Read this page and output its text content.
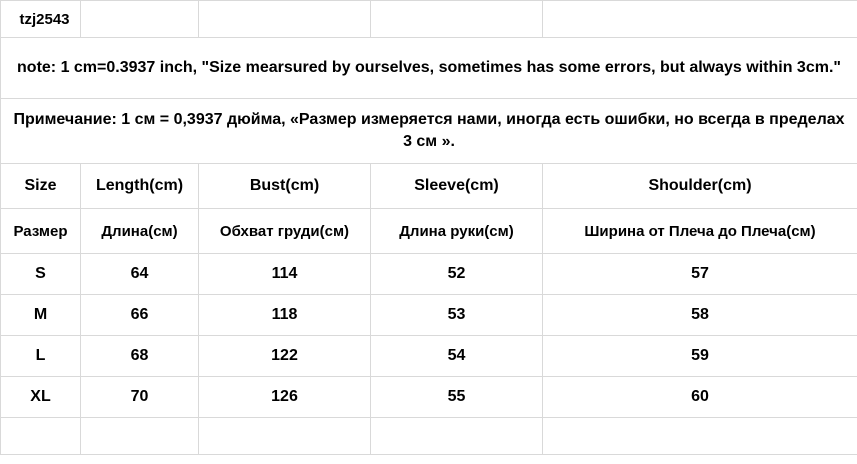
tzj2543				
note: 1 cm=0.3937 inch, "Size mearsured by ourselves, sometimes has some errors, but always within 3cm."				
Примечание: 1 см = 0,3937 дюйма, «Размер измеряется нами, иногда есть ошибки, но всегда в пределах 3 см ».				
Size	Length(cm)	Bust(cm)	Sleeve(cm)	Shoulder(cm)
Размер	Длина(см)	Обхват груди(см)	Длина руки(см)	Ширина от Плеча до Плеча(см)
S	64	114	52	57
M	66	118	53	58
L	68	122	54	59
XL	70	126	55	60
